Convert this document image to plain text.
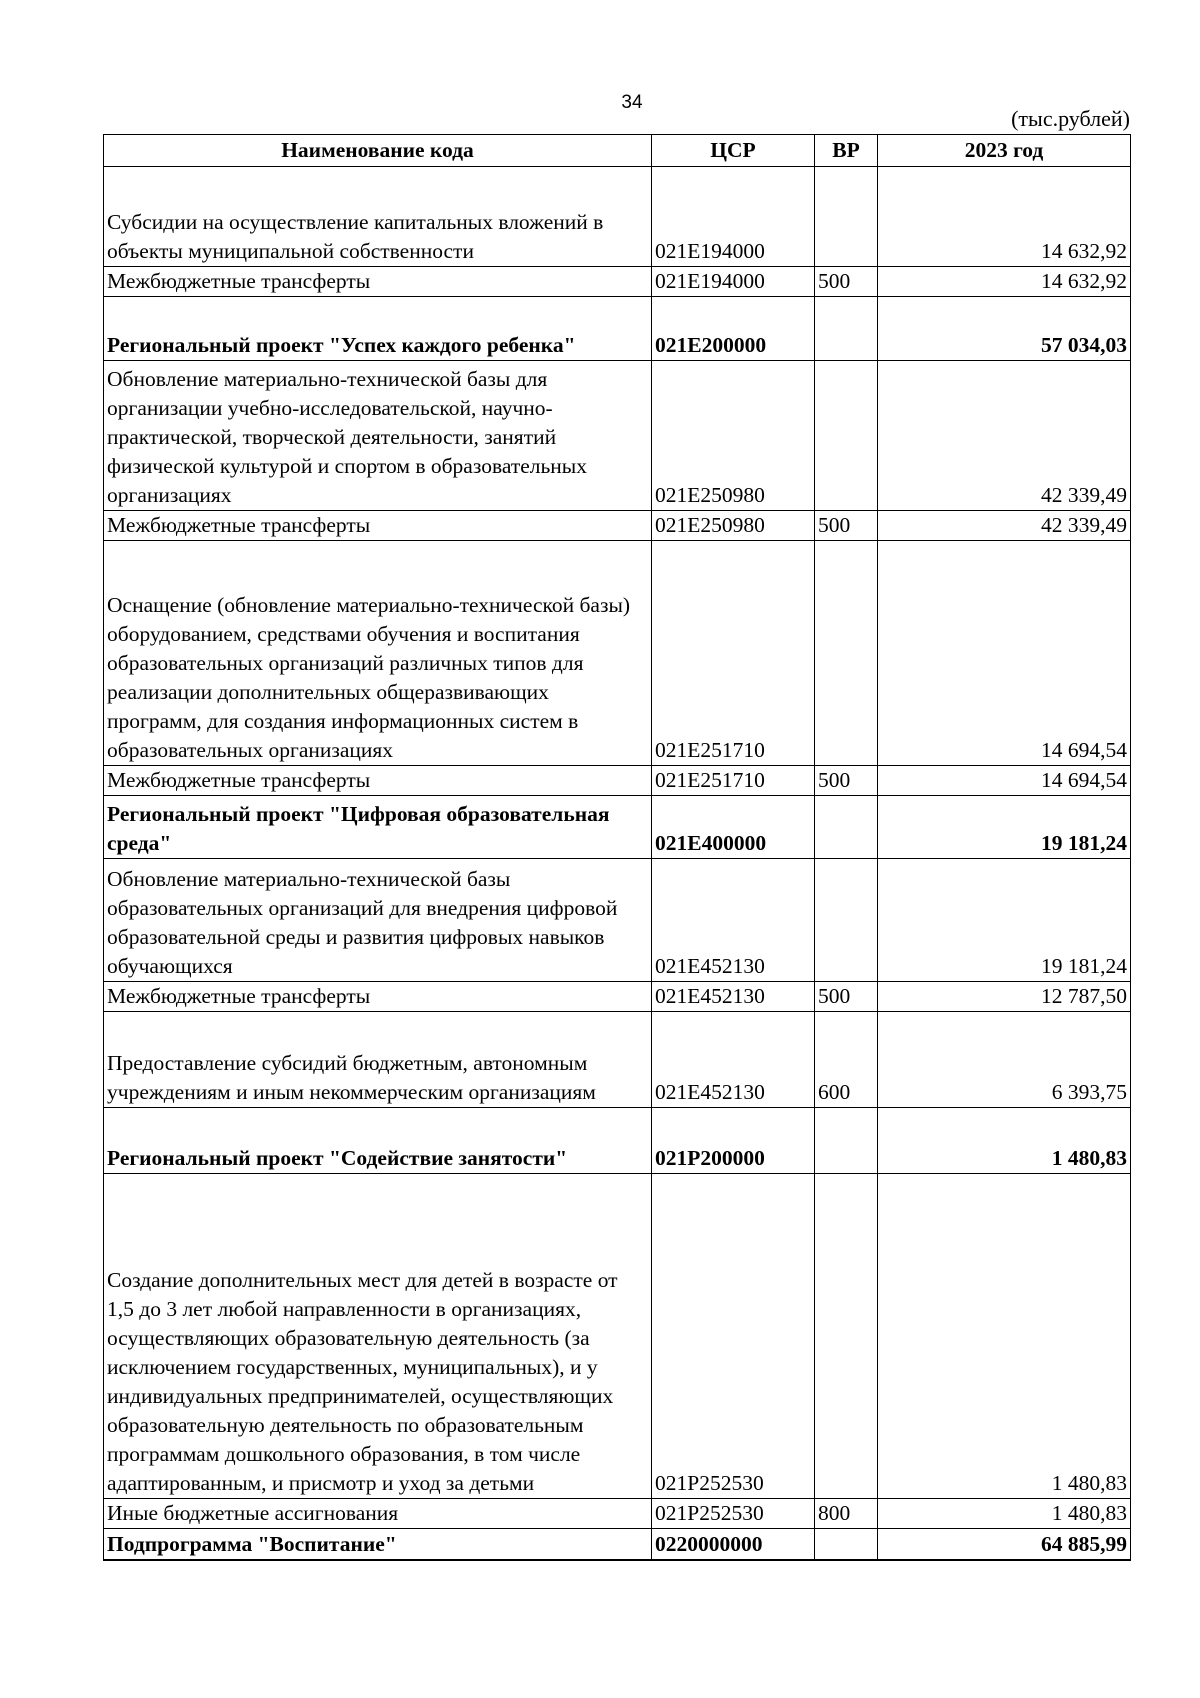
34
(тыс.рублей)
Наименование кода	ЦСР	ВР	2023 год
Субсидии на осуществление капитальных вложений в объекты муниципальной собственности	021E194000		14 632,92
Межбюджетные трансферты	021E194000	500	14 632,92
Региональный проект "Успех каждого ребенка"	021E200000		57 034,03
Обновление материально-технической базы для организации учебно-исследовательской, научно-практической, творческой деятельности, занятий физической культурой и спортом в образовательных организациях	021E250980		42 339,49
Межбюджетные трансферты	021E250980	500	42 339,49
Оснащение (обновление материально-технической базы) оборудованием, средствами обучения и воспитания образовательных организаций различных типов для реализации дополнительных общеразвивающих программ, для создания информационных систем в образовательных организациях	021E251710		14 694,54
Межбюджетные трансферты	021E251710	500	14 694,54
Региональный проект "Цифровая образовательная среда"	021E400000		19 181,24
Обновление материально-технической базы образовательных организаций для внедрения цифровой образовательной среды и развития цифровых навыков обучающихся	021E452130		19 181,24
Межбюджетные трансферты	021E452130	500	12 787,50
Предоставление субсидий бюджетным, автономным учреждениям и иным некоммерческим организациям	021E452130	600	6 393,75
Региональный проект "Содействие занятости"	021P200000		1 480,83
Создание дополнительных мест для детей в возрасте от 1,5 до 3 лет любой направленности в организациях, осуществляющих образовательную деятельность (за исключением государственных, муниципальных), и у индивидуальных предпринимателей, осуществляющих образовательную деятельность по образовательным программам дошкольного образования, в том числе адаптированным, и присмотр и уход за детьми	021P252530		1 480,83
Иные бюджетные ассигнования	021P252530	800	1 480,83
Подпрограмма "Воспитание"	0220000000		64 885,99
